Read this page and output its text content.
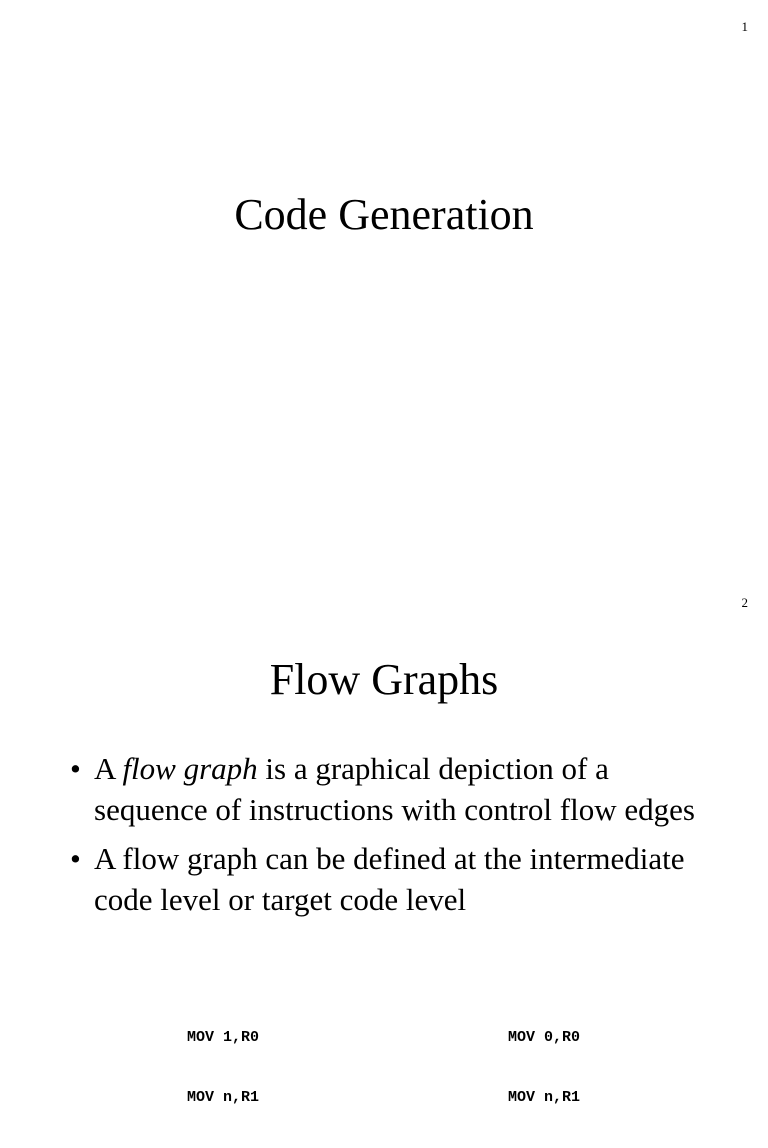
1
Code Generation
2
Flow Graphs
• A flow graph is a graphical depiction of a sequence of instructions with control flow edges
• A flow graph can be defined at the intermediate code level or target code level

MOV 1,R0

MOV n,R1

MOV 0,R0

MOV n,R1
